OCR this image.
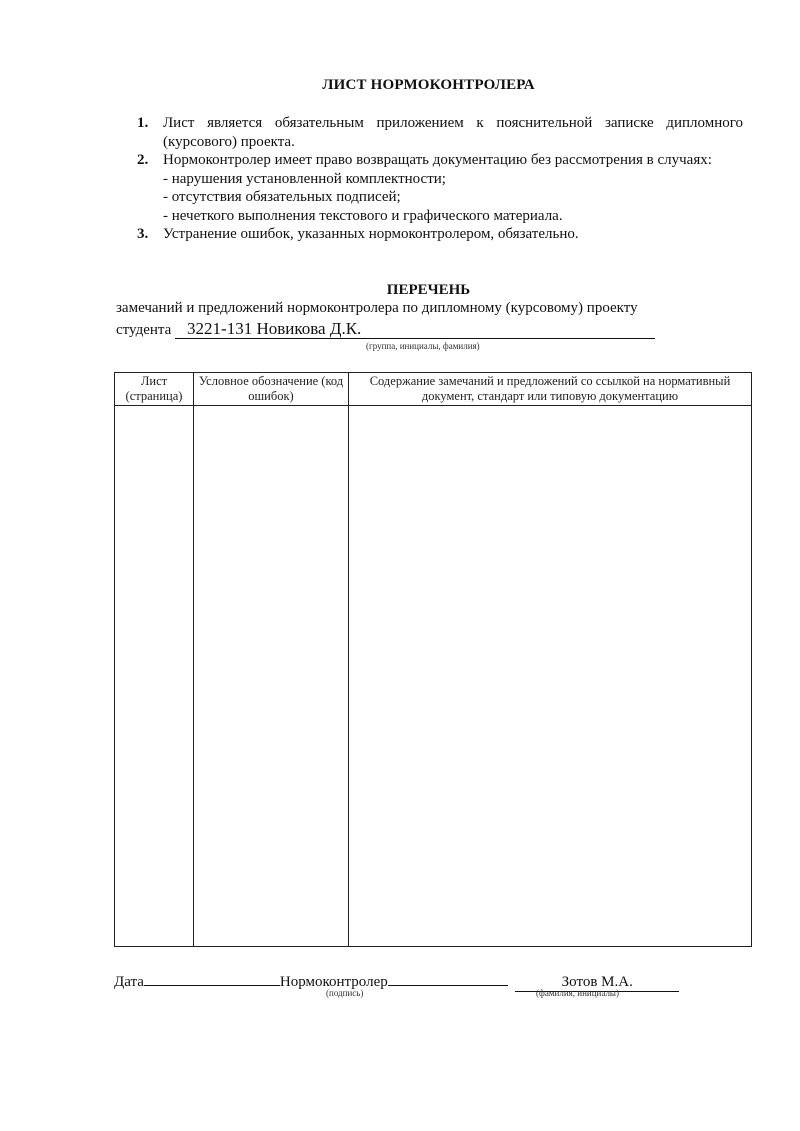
ЛИСТ НОРМОКОНТРОЛЕРА
1. Лист является обязательным приложением к пояснительной записке дипломного (курсового) проекта.
2. Нормоконтролер имеет право возвращать документацию без рассмотрения в случаях:
- нарушения установленной комплектности;
- отсутствия обязательных подписей;
- нечеткого выполнения текстового и графического материала.
3. Устранение ошибок, указанных нормоконтролером, обязательно.
ПЕРЕЧЕНЬ
замечаний и предложений нормоконтролера по дипломному (курсовому) проекту
студента 3221-131 Новикова Д.К.
(группа, инициалы, фамилия)
Лист (страница)	Условное обозначение (код ошибок)	Содержание замечаний и предложений со ссылкой на нормативный документ, стандарт или типовую документацию

Дата	Нормоконтролер	Зотов М.А.
(подпись)	(фамилия, инициалы)
